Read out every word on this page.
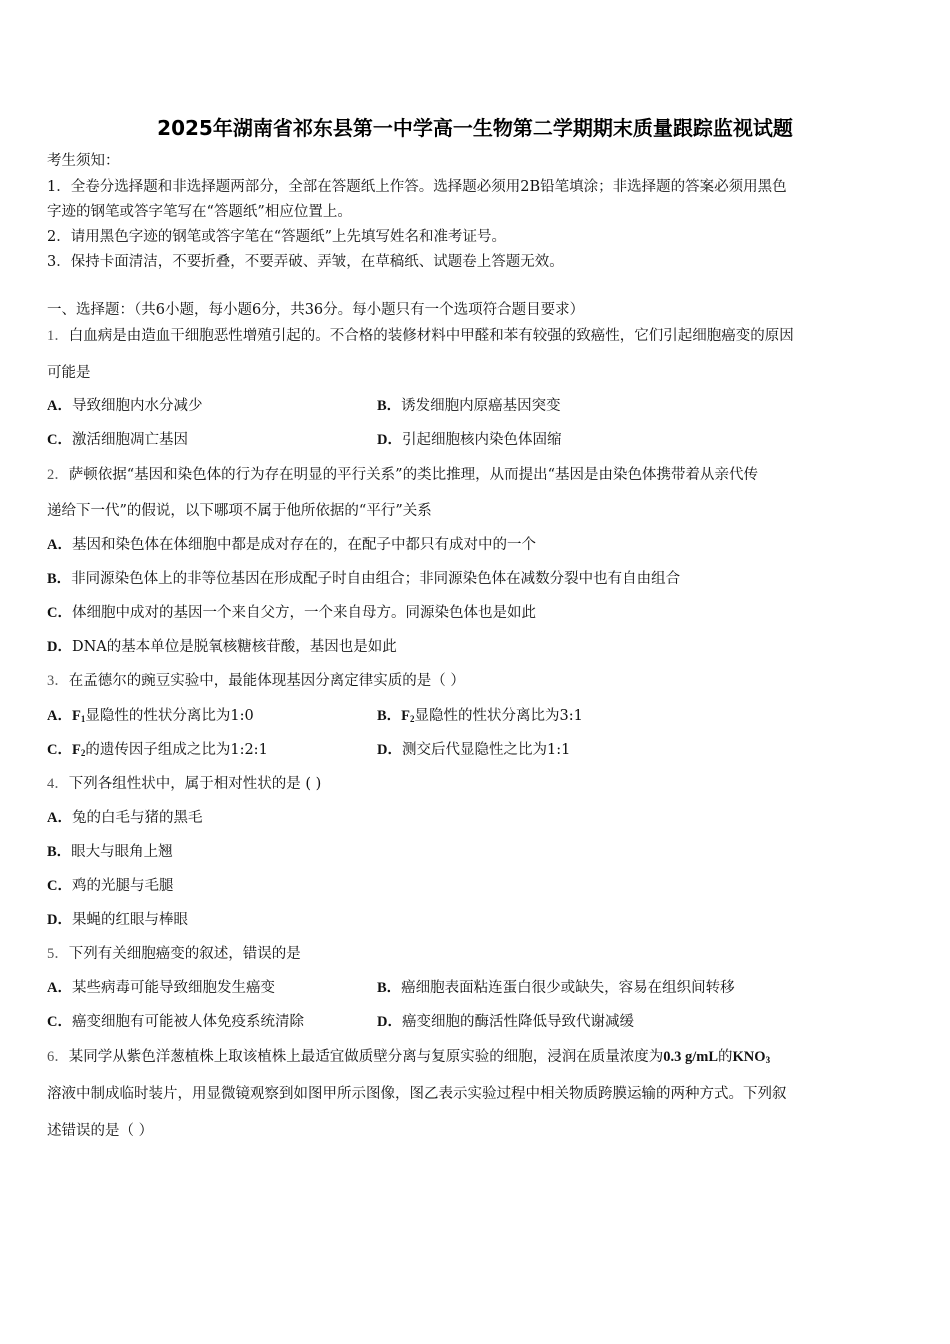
2025年湖南省祁东县第一中学高一生物第二学期期末质量跟踪监视试题
考生须知：
1．全卷分选择题和非选择题两部分，全部在答题纸上作答。选择题必须用2B铅笔填涂；非选择题的答案必须用黑色
字迹的钢笔或答字笔写在“答题纸”相应位置上。
2．请用黑色字迹的钢笔或答字笔在“答题纸”上先填写姓名和准考证号。
3．保持卡面清洁，不要折叠，不要弄破、弄皱，在草稿纸、试题卷上答题无效。
一、选择题：（共6小题，每小题6分，共36分。每小题只有一个选项符合题目要求）
1．白血病是由造血干细胞恶性增殖引起的。不合格的装修材料中甲醛和苯有较强的致癌性，它们引起细胞癌变的原因
可能是
A．导致细胞内水分减少	B．诱发细胞内原癌基因突变
C．激活细胞凋亡基因	D．引起细胞核内染色体固缩
2．萨顿依据“基因和染色体的行为存在明显的平行关系”的类比推理，从而提出“基因是由染色体携带着从亲代传
递给下一代”的假说，以下哪项不属于他所依据的“平行”关系
A．基因和染色体在体细胞中都是成对存在的，在配子中都只有成对中的一个
B．非同源染色体上的非等位基因在形成配子时自由组合；非同源染色体在减数分裂中也有自由组合
C．体细胞中成对的基因一个来自父方，一个来自母方。同源染色体也是如此
D．DNA的基本单位是脱氧核糖核苷酸，基因也是如此
3．在孟德尔的豌豆实验中，最能体现基因分离定律实质的是（ ）
A．$F_1$显隐性的性状分离比为1:0	B．$F_2$显隐性的性状分离比为3:1
C．$F_2$的遗传因子组成之比为1:2:1	D．测交后代显隐性之比为1:1
4．下列各组性状中，属于相对性状的是 ( )
A．兔的白毛与猪的黑毛
B．眼大与眼角上翘
C．鸡的光腿与毛腿
D．果蝇的红眼与棒眼
5．下列有关细胞癌变的叙述，错误的是
A．某些病毒可能导致细胞发生癌变	B．癌细胞表面粘连蛋白很少或缺失，容易在组织间转移
C．癌变细胞有可能被人体免疫系统清除	D．癌变细胞的酶活性降低导致代谢减缓
6．某同学从紫色洋葱植株上取该植株上最适宜做质壁分离与复原实验的细胞，浸润在质量浓度为0.3 g/mL的$KNO_3$
溶液中制成临时装片，用显微镜观察到如图甲所示图像，图乙表示实验过程中相关物质跨膜运输的两种方式。下列叙
述错误的是（ ）
